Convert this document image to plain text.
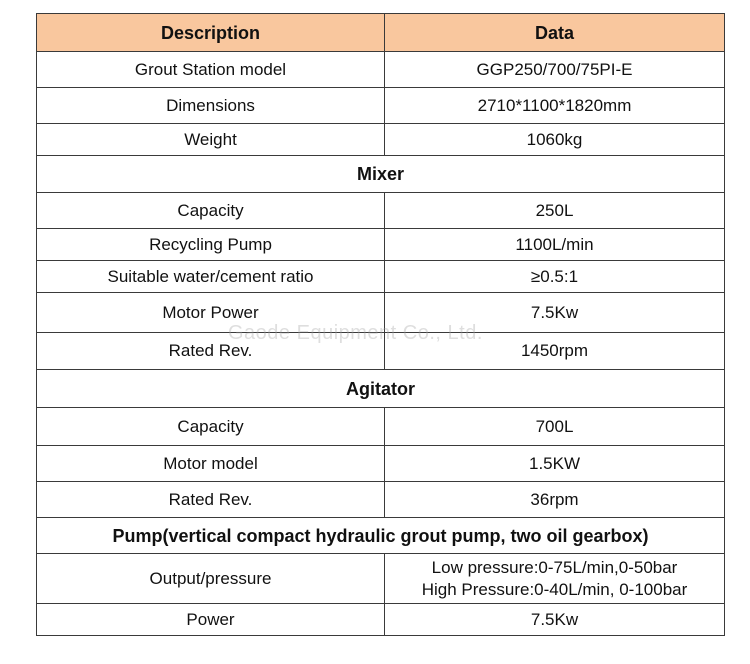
Description	Data
Grout Station model	GGP250/700/75PI-E
Dimensions	2710*1100*1820mm
Weight	1060kg
Mixer	
Capacity	250L
Recycling Pump	1100L/min
Suitable water/cement ratio	≥0.5:1
Motor Power	7.5Kw
Rated Rev.	1450rpm
Agitator	
Capacity	700L
Motor model	1.5KW
Rated Rev.	36rpm
Pump(vertical compact hydraulic grout pump, two oil gearbox)	
Output/pressure	Low pressure:0-75L/min,0-50bar
High Pressure:0-40L/min, 0-100bar

Power	7.5Kw
Gaode Equipment Co., Ltd.
